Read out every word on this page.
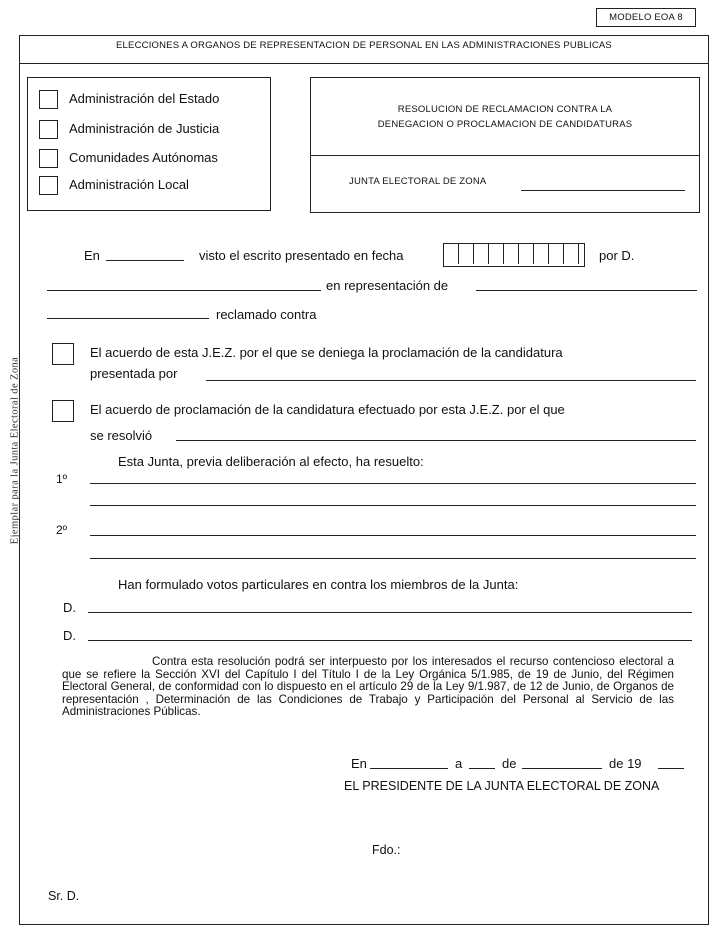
Ejemplar para la Junta Electoral de Zona
MODELO EOA 8
ELECCIONES A ORGANOS DE REPRESENTACION DE PERSONAL EN LAS ADMINISTRACIONES PUBLICAS
Administración del Estado
Administración de Justicia
Comunidades Autónomas
Administración Local
RESOLUCION DE RECLAMACION CONTRA LA
DENEGACION O PROCLAMACION DE CANDIDATURAS
JUNTA ELECTORAL DE ZONA
En	visto el escrito presentado en fecha	por D.
en representación de
reclamado contra
El acuerdo de esta J.E.Z. por el que se deniega la proclamación de la candidatura
presentada por
El acuerdo de proclamación de la candidatura efectuado por esta J.E.Z. por el que
se resolvió
Esta Junta, previa deliberación al efecto, ha resuelto:
1º
2º
Han formulado votos particulares en contra los miembros de la Junta:
D.
D.
Contra esta resolución podrá ser interpuesto por los interesados el recurso contencioso electoral a que se refiere la Sección XVI del Capítulo I del Título I de la Ley Orgánica 5/1.985, de 19 de Junio, del Régimen Electoral General, de conformidad con lo dispuesto en el artículo 29 de la Ley 9/1.987, de 12 de Junio, de Organos de representación , Determinación de las Condiciones de Trabajo y Participación del Personal al Servicio de las Administraciones Públicas.
En	a	de	de 19
EL PRESIDENTE DE LA JUNTA ELECTORAL DE ZONA
Fdo.:
Sr. D.
